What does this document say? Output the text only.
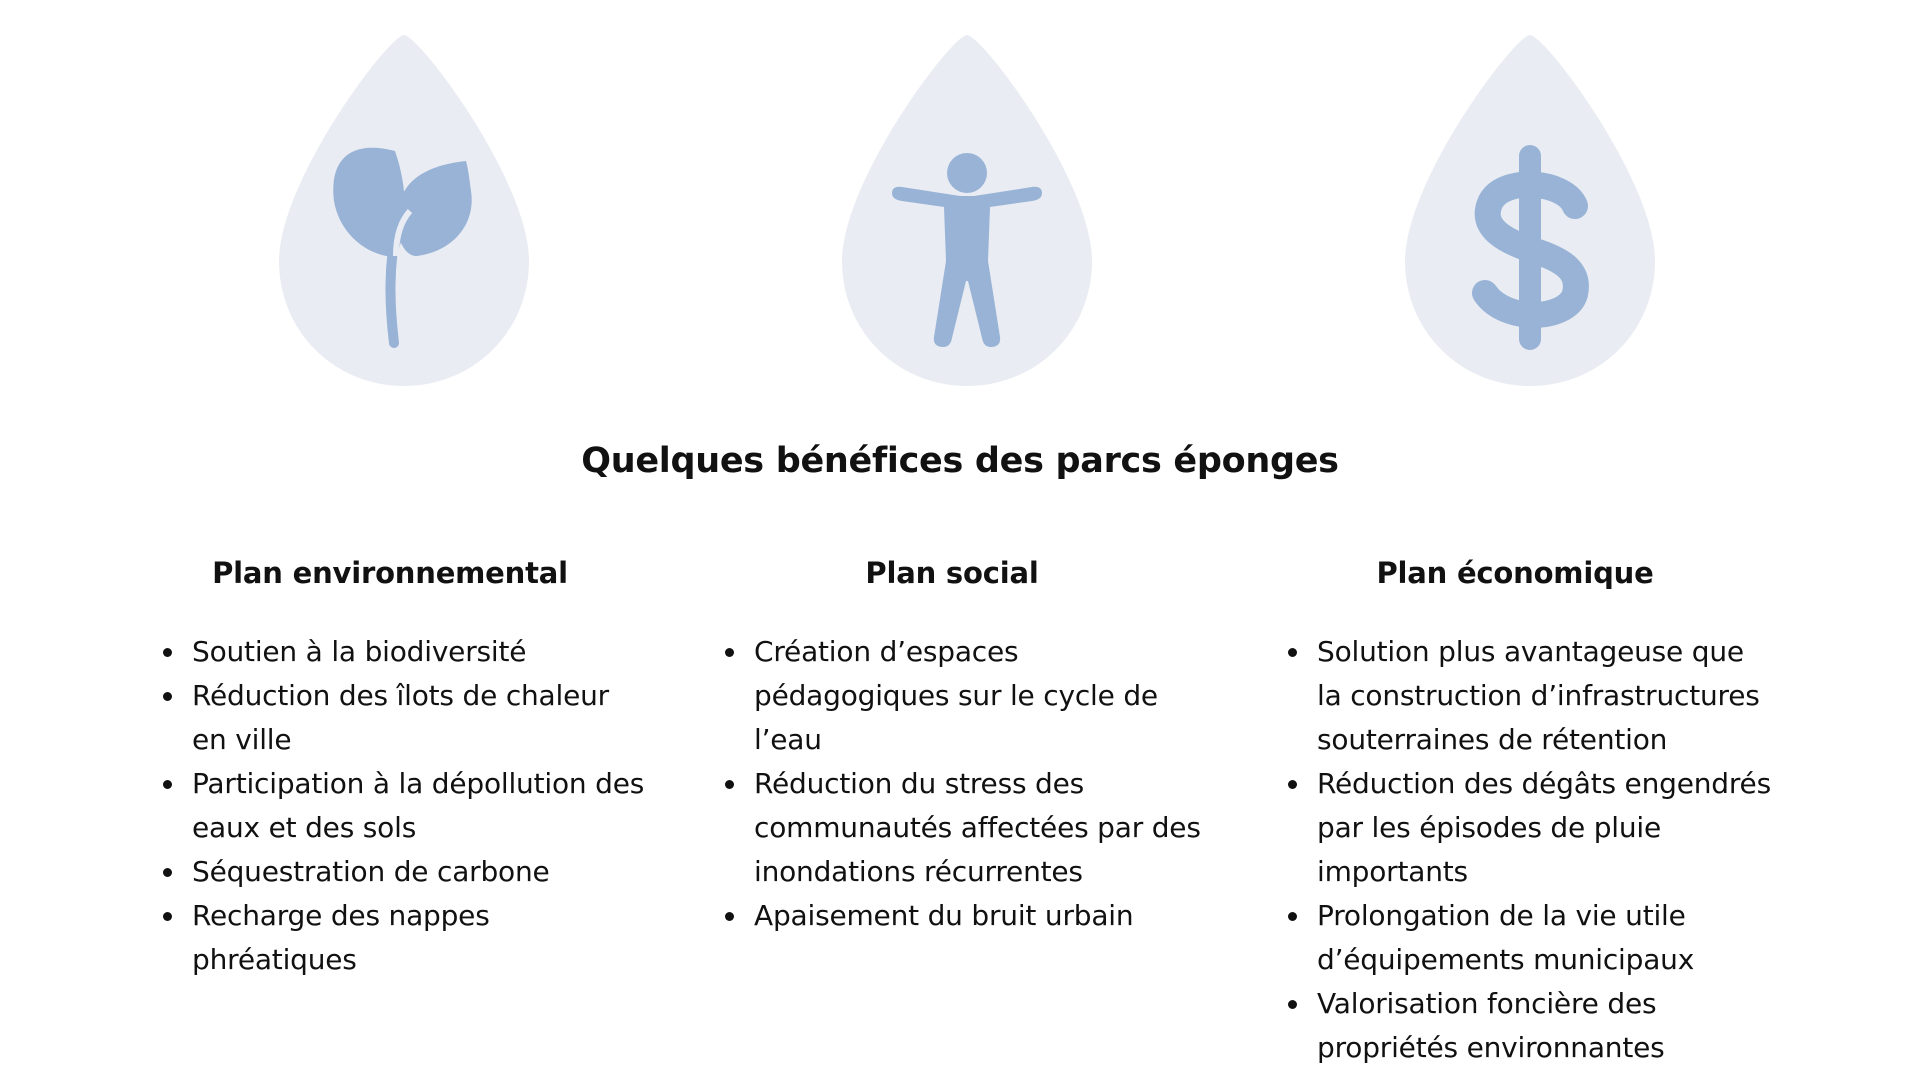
Quelques bénéfices des parcs éponges
Plan environnemental
Soutien à la biodiversité
Réduction des îlots de chaleur en ville
Participation à la dépollution des eaux et des sols
Séquestration de carbone
Recharge des nappes phréatiques
Plan social
Création d’espaces pédagogiques sur le cycle de l’eau
Réduction du stress des communautés affectées par des inondations récurrentes
Apaisement du bruit urbain
Plan économique
Solution plus avantageuse que la construction d’infrastructures souterraines de rétention
Réduction des dégâts engendrés par les épisodes de pluie importants
Prolongation de la vie utile d’équipements municipaux
Valorisation foncière des propriétés environnantes
